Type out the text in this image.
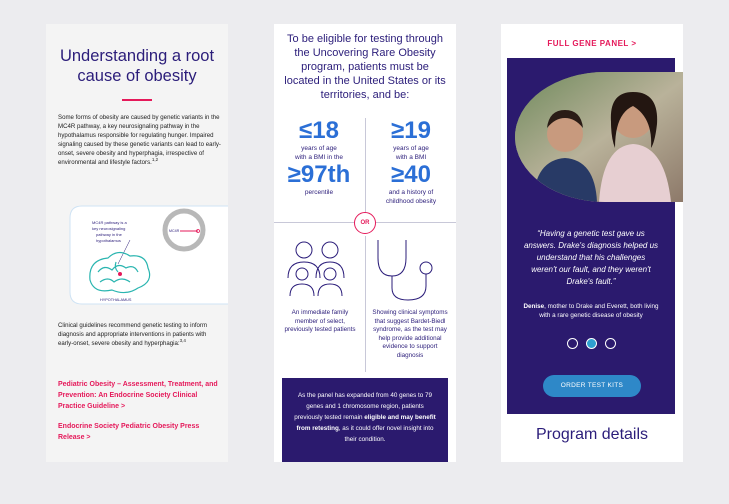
Understanding a root cause of obesity
Some forms of obesity are caused by genetic variants in the MC4R pathway, a key neurosignaling pathway in the hypothalamus responsible for regulating hunger. Impaired signaling caused by these genetic variants can lead to early-onset, severe obesity and hyperphagia, irrespective of environmental and lifestyle factors.$^{1,2}$
MC4R pathway is a
key neurosignaling
pathway in the
hypothalamus
MC4R
HYPOTHALAMUS
Clinical guidelines recommend genetic testing to inform diagnosis and appropriate interventions in patients with early-onset, severe obesity and hyperphagia:$^{3,4}$
Pediatric Obesity – Assessment, Treatment, and Prevention: An Endocrine Society Clinical Practice Guideline >
Endocrine Society Pediatric Obesity Press Release >
To be eligible for testing through the Uncovering Rare Obesity program, patients must be located in the United States or its territories, and be:
≤18
years of age
with a BMI in the
≥97th
percentile
≥19
years of age
with a BMI
≥40
and a history of childhood obesity
OR
An immediate family member of select, previously tested patients
Showing clinical symptoms that suggest Bardet-Biedl syndrome, as the test may help provide additional evidence to support diagnosis
As the panel has expanded from 40 genes to 79 genes and 1 chromosome region, patients previously tested remain eligible and may benefit from retesting, as it could offer novel insight into their condition.
FULL GENE PANEL >
“Having a genetic test gave us answers. Drake's diagnosis helped us understand that his challenges weren't our fault, and they weren't Drake's fault.”
Denise, mother to Drake and Everett, both living with a rare genetic disease of obesity
ORDER TEST KITS
Program details
